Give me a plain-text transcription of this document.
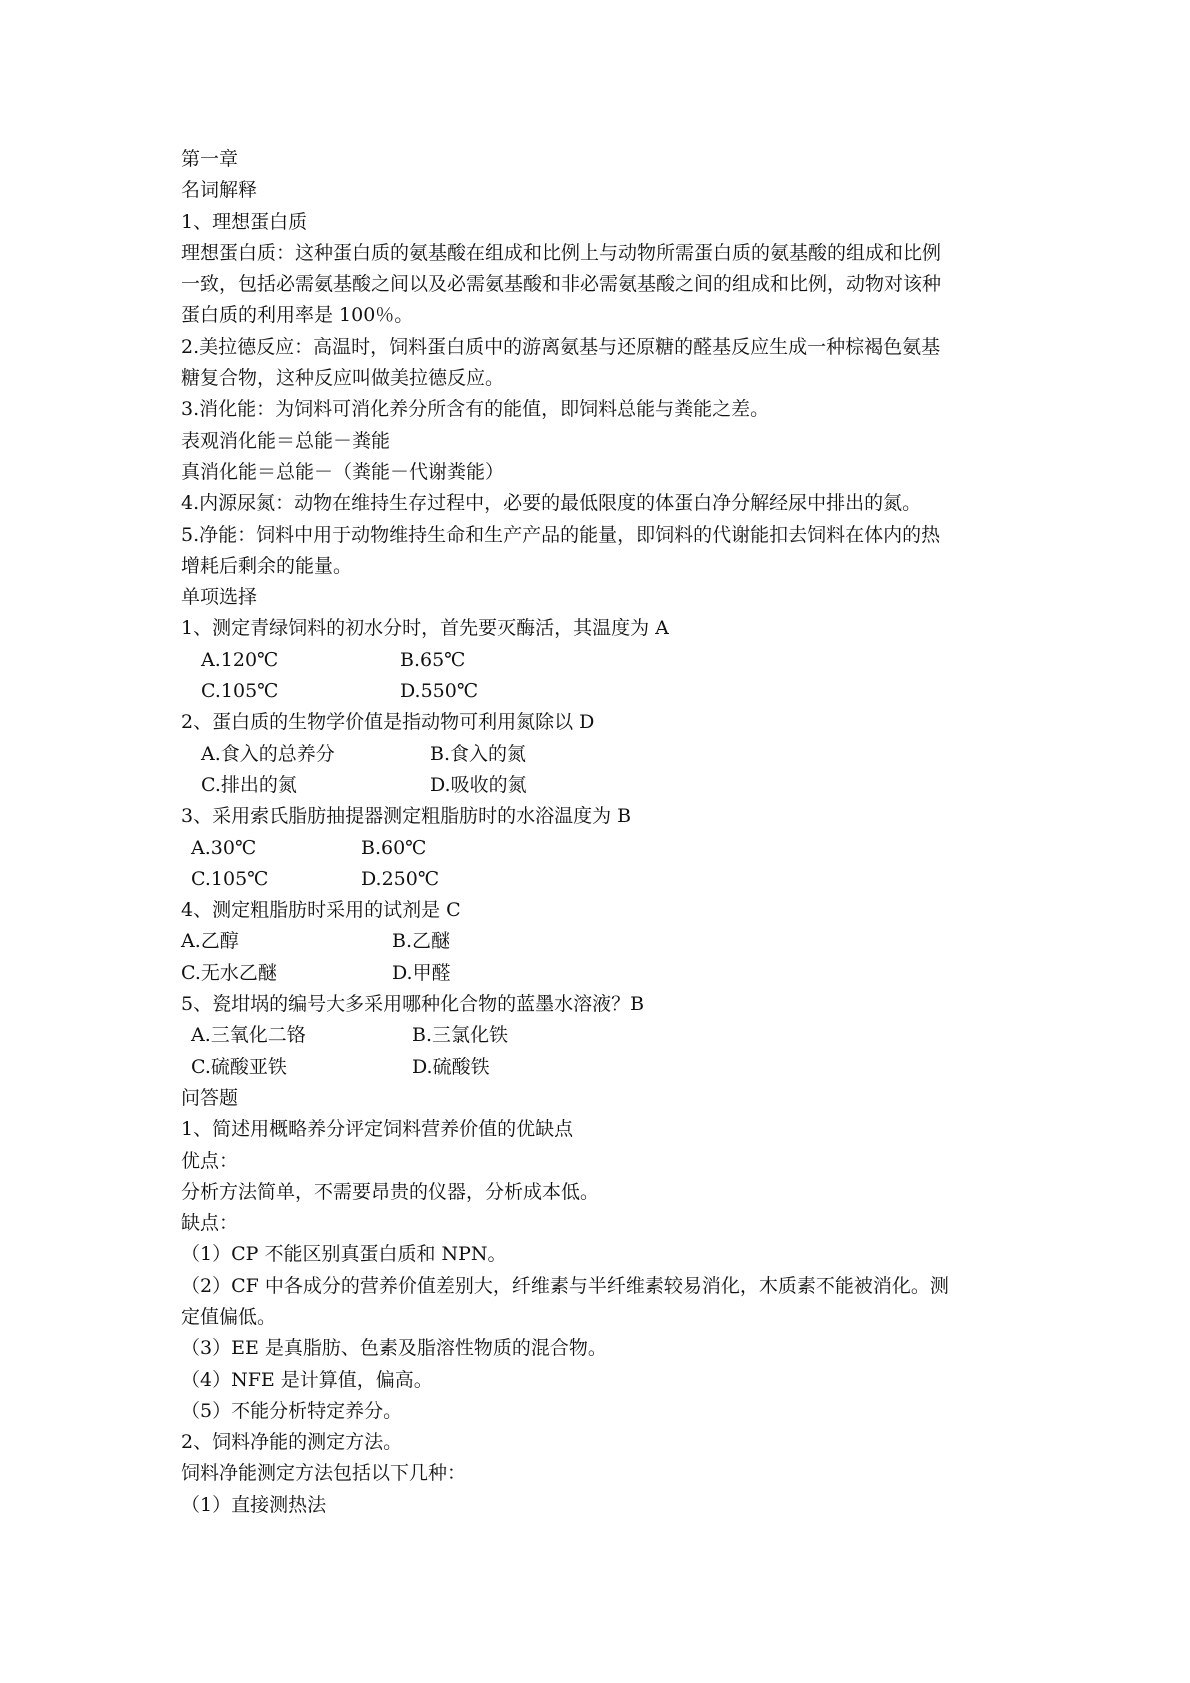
第一章
名词解释
1、理想蛋白质
理想蛋白质：这种蛋白质的氨基酸在组成和比例上与动物所需蛋白质的氨基酸的组成和比例
一致，包括必需氨基酸之间以及必需氨基酸和非必需氨基酸之间的组成和比例，动物对该种
蛋白质的利用率是 100％。
2.美拉德反应：高温时，饲料蛋白质中的游离氨基与还原糖的醛基反应生成一种棕褐色氨基
糖复合物，这种反应叫做美拉德反应。
3.消化能：为饲料可消化养分所含有的能值，即饲料总能与粪能之差。
表观消化能＝总能－粪能
真消化能＝总能－（粪能－代谢粪能）
4.内源尿氮：动物在维持生存过程中，必要的最低限度的体蛋白净分解经尿中排出的氮。
5.净能：饲料中用于动物维持生命和生产产品的能量，即饲料的代谢能扣去饲料在体内的热
增耗后剩余的能量。
单项选择
1、测定青绿饲料的初水分时，首先要灭酶活，其温度为 A
A.120℃	B.65℃
C.105℃	D.550℃
2、蛋白质的生物学价值是指动物可利用氮除以 D
A.食入的总养分	B.食入的氮
C.排出的氮	D.吸收的氮
3、采用索氏脂肪抽提器测定粗脂肪时的水浴温度为 B
A.30℃	B.60℃
C.105℃	D.250℃
4、测定粗脂肪时采用的试剂是 C
A.乙醇	B.乙醚
C.无水乙醚	D.甲醛
5、瓷坩埚的编号大多采用哪种化合物的蓝墨水溶液？B
A.三氧化二铬	B.三氯化铁
C.硫酸亚铁	D.硫酸铁
问答题
1、简述用概略养分评定饲料营养价值的优缺点
优点：
分析方法简单，不需要昂贵的仪器，分析成本低。
缺点：
（1）CP 不能区别真蛋白质和 NPN。
（2）CF 中各成分的营养价值差别大，纤维素与半纤维素较易消化，木质素不能被消化。测
定值偏低。
（3）EE 是真脂肪、色素及脂溶性物质的混合物。
（4）NFE 是计算值，偏高。
（5）不能分析特定养分。
2、饲料净能的测定方法。
饲料净能测定方法包括以下几种：
（1）直接测热法
